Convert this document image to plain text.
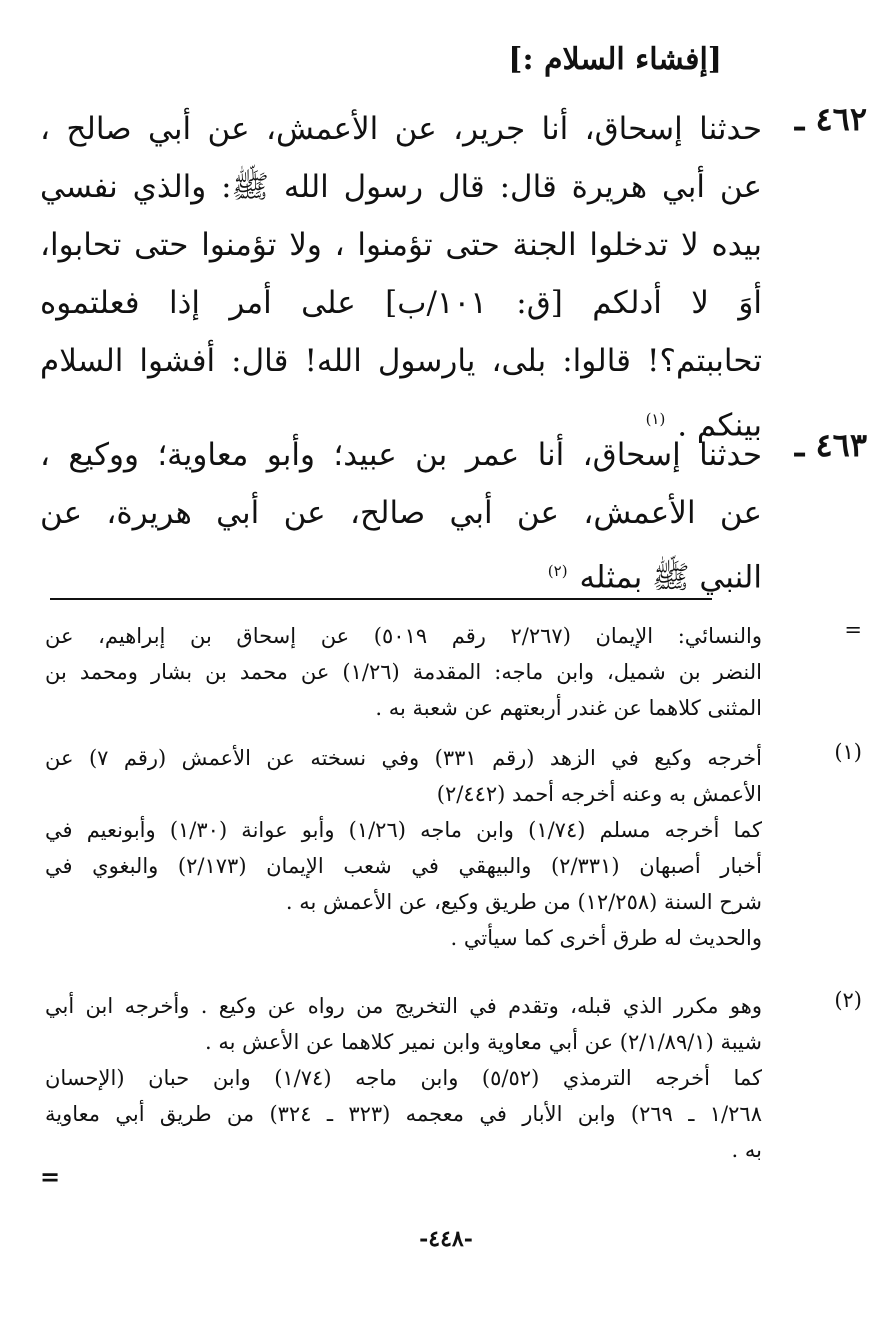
[إفشاء السلام :]
٤٦٢ ـ
حدثنا إسحاق، أنا جرير، عن الأعمش، عن أبي صالح ،
عن أبي هريرة قال: قال رسول الله ﷺ: والذي نفسي
بيده لا تدخلوا الجنة حتى تؤمنوا ، ولا تؤمنوا حتى تحابوا،
أوَ لا أدلكم [ق: ١٠١/ب] على أمر إذا فعلتموه
تحاببتم؟! قالوا: بلى، يارسول الله! قال: أفشوا السلام
بينكم . $^{(١)}$
٤٦٣ ـ
حدثنا إسحاق، أنا عمر بن عبيد؛ وأبو معاوية؛ ووكيع ،
عن الأعمش، عن أبي صالح، عن أبي هريرة، عن
النبي ﷺ بمثله $^{(٢)}$
=
والنسائي: الإيمان (٢/٢٦٧ رقم ٥٠١٩) عن إسحاق بن إبراهيم، عن
النضر بن شميل، وابن ماجه: المقدمة (١/٢٦) عن محمد بن بشار ومحمد بن
المثنى كلاهما عن غندر أربعتهم عن شعبة به .
(١)
أخرجه وكيع في الزهد (رقم ٣٣١) وفي نسخته عن الأعمش (رقم ٧) عن
الأعمش به وعنه أخرجه أحمد (٢/٤٤٢)
كما أخرجه مسلم (١/٧٤) وابن ماجه (١/٢٦) وأبو عوانة (١/٣٠) وأبونعيم في
أخبار أصبهان (٢/٣٣١) والبيهقي في شعب الإيمان (٢/١٧٣) والبغوي في
شرح السنة (١٢/٢٥٨) من طريق وكيع، عن الأعمش به .
والحديث له طرق أخرى كما سيأتي .
(٢)
وهو مكرر الذي قبله، وتقدم في التخريج من رواه عن وكيع . وأخرجه ابن أبي
شيبة (٢/١/٨٩/١) عن أبي معاوية وابن نمير كلاهما عن الأعش به .
كما أخرجه الترمذي (٥/٥٢) وابن ماجه (١/٧٤) وابن حبان (الإحسان
١/٢٦٨ ـ ٢٦٩) وابن الأبار في معجمه (٣٢٣ ـ ٣٢٤) من طريق أبي معاوية
به .
=
-٤٤٨-
